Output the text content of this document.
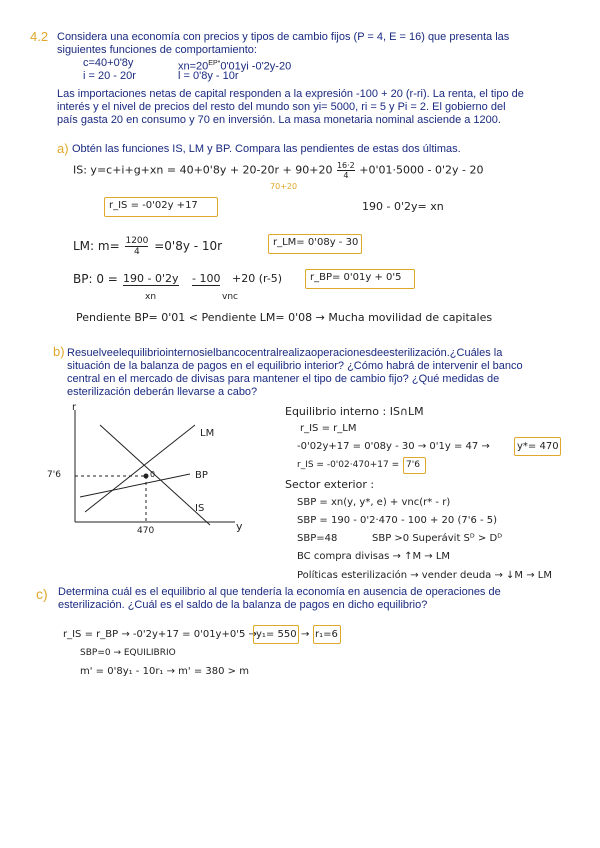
4.2 Considera una economía con precios y tipos de cambio fijos (P = 4, E = 16) que presenta las
siguientes funciones de comportamiento:
c=40+0'8y	$xn=20^{EP*}0'01yi$ -0'2y-20
i = 20 - 20r	l = 0'8y - 10r
Las importaciones netas de capital responden a la expresión -100 + 20 (r-ri). La renta, el tipo de
interés y el nivel de precios del resto del mundo son yi= 5000, ri = 5 y Pi = 2. El gobierno del
país gasta 20 en consumo y 70 en inversión. La masa monetaria nominal asciende a 1200.
a) Obtén las funciones IS, LM y BP. Compara las pendientes de estas dos últimas.
IS: $y=c+i+g+xn = 40+0'8y + 20-20r + 90+20 \frac{16\cdot 2}{4} +0'01\cdot 5000 - 0'2y - 20$
70+20
190 - 0'2y= xn
r_IS = -0'02y +17
LM: $m= \frac{1200}{4} =0'8y - 10r$	r_LM= 0'08y - 30
BP: 0 = 190 - 0'2y - 100 +20 (r-5)
xn	vnc
r_BP= 0'01y + 0'5
Pendiente BP= 0'01 < Pendiente LM= 0'08 → Mucha movilidad de capitales
b) Resuelveelequilibriointernosielbancocentralrealizaoperacionesdeesterilización.¿Cuáles la
situación de la balanza de pagos en el equilibrio interior? ¿Cómo habrá de intervenir el banco
central en el mercado de divisas para mantener el tipo de cambio fijo? ¿Qué medidas de
esterilización deberán llevarse a cabo?
r
y
LM
BP
IS
7'6
470
0
Equilibrio interno : IS∩LM
r_IS = r_LM
-0'02y+17 = 0'08y - 30 → 0'1y = 47 →	y*= 470
r_IS = -0'02·470+17 = 7'6
Sector exterior :
SBP = xn(y, y*, e) + vnc(r* - r)
SBP = 190 - 0'2·470 - 100 + 20 (7'6 - 5)
SBP=48	SBP >0 Superávit Sᴰ > Dᴰ
BC compra divisas → ↑M → LM
Políticas esterilización → vender deuda → ↓M → LM
c) Determina cuál es el equilibrio al que tendería la economía en ausencia de operaciones de
esterilización. ¿Cuál es el saldo de la balanza de pagos en dicho equilibrio?
r_IS = r_BP → -0'2y+17 = 0'01y+0'5 → y₁= 550 → r₁=6
SBP=0 → EQUILIBRIO
m' = 0'8y₁ - 10r₁ → m' = 380 > m
